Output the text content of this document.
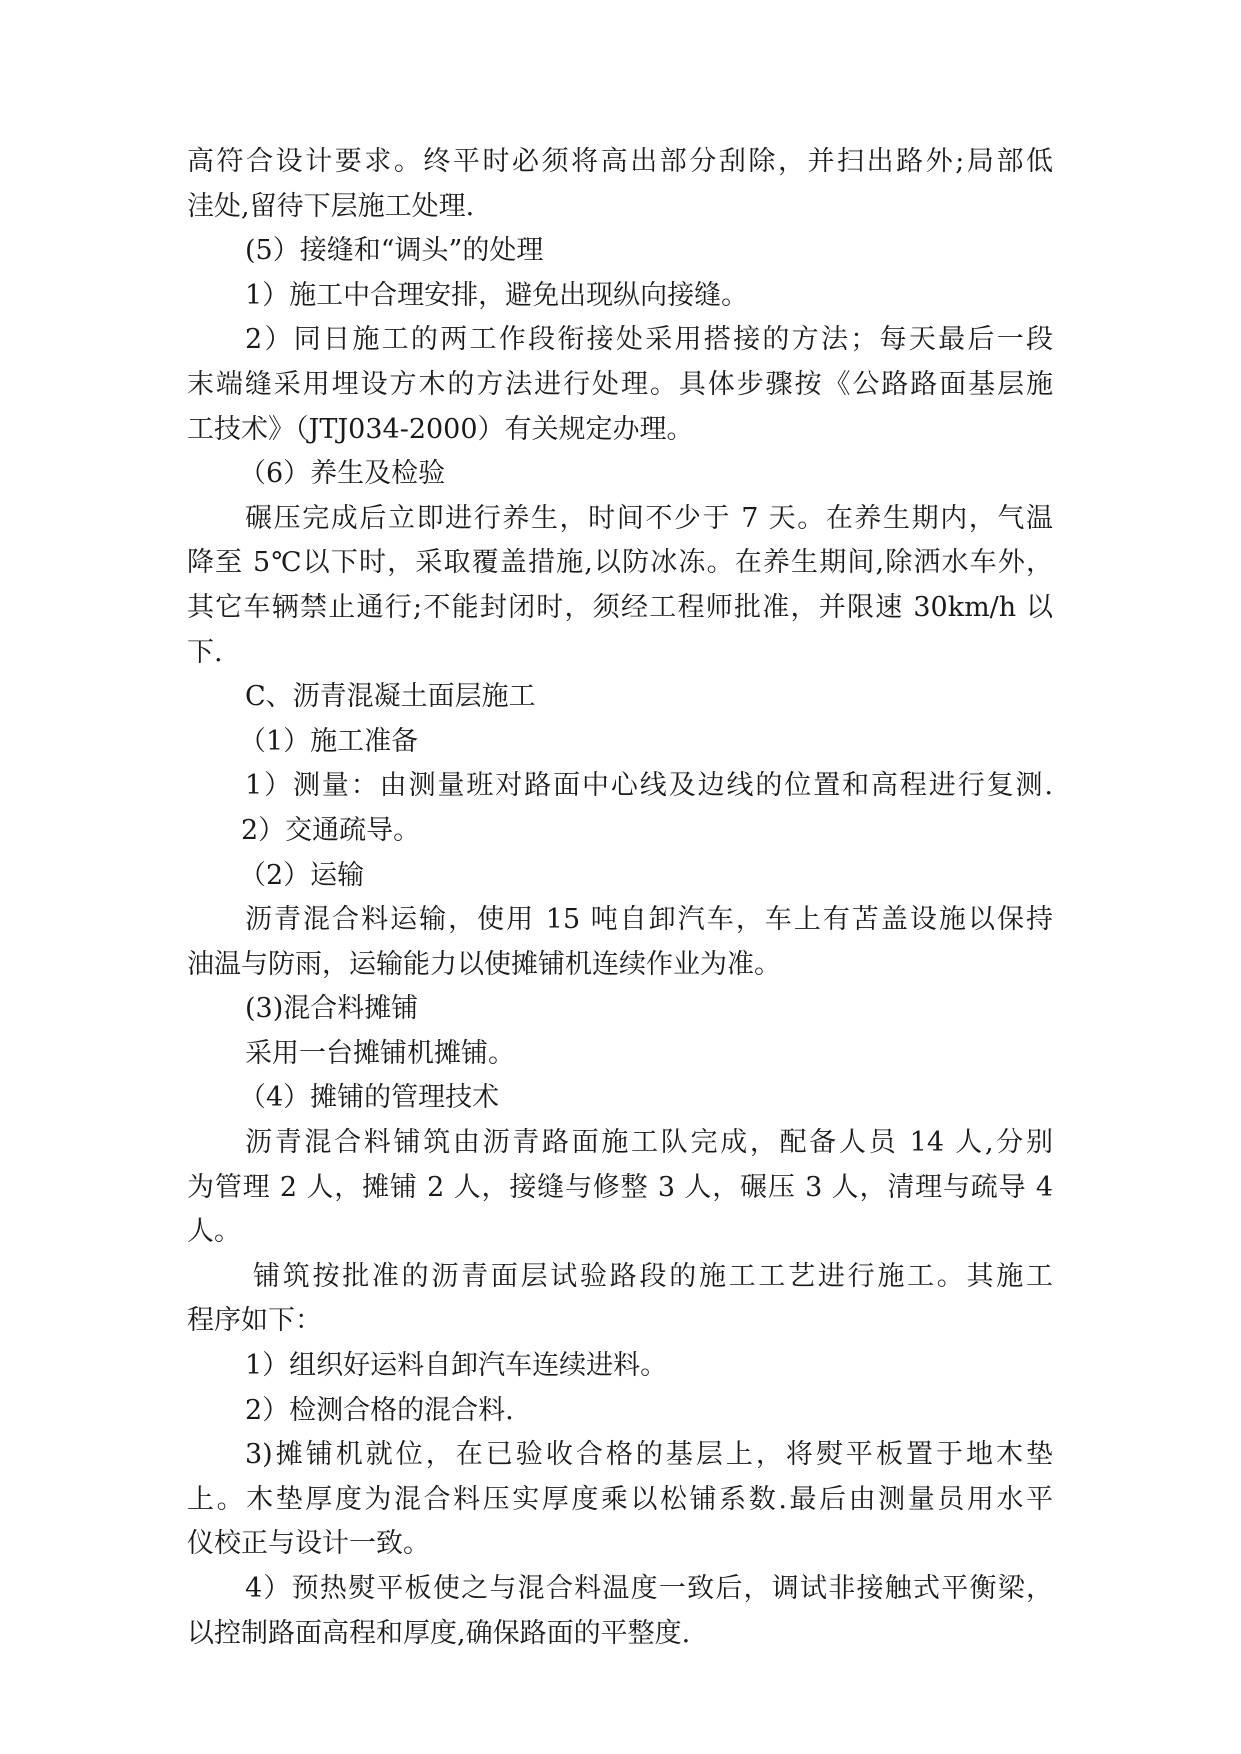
高符合设计要求。终平时必须将高出部分刮除，并扫出路外;局部低
洼处,留待下层施工处理.
(5）接缝和“调头”的处理
1）施工中合理安排，避免出现纵向接缝。
2）同日施工的两工作段衔接处采用搭接的方法；每天最后一段
末端缝采用埋设方木的方法进行处理。具体步骤按《公路路面基层施
工技术》（JTJ034-2000）有关规定办理。
（6）养生及检验
碾压完成后立即进行养生，时间不少于 7 天。在养生期内，气温
降至 5℃以下时，采取覆盖措施,以防冰冻。在养生期间,除洒水车外，
其它车辆禁止通行;不能封闭时，须经工程师批准，并限速 30km/h 以
下.
C、沥青混凝土面层施工
（1）施工准备
1）测量：由测量班对路面中心线及边线的位置和高程进行复测.
2）交通疏导。
（2）运输
沥青混合料运输，使用 15 吨自卸汽车，车上有苫盖设施以保持
油温与防雨，运输能力以使摊铺机连续作业为准。
(3)混合料摊铺
采用一台摊铺机摊铺。
（4）摊铺的管理技术
沥青混合料铺筑由沥青路面施工队完成，配备人员 14 人,分别
为管理 2 人，摊铺 2 人，接缝与修整 3 人，碾压 3 人，清理与疏导 4
人。
铺筑按批准的沥青面层试验路段的施工工艺进行施工。其施工
程序如下：
1）组织好运料自卸汽车连续进料。
2）检测合格的混合料.
3)摊铺机就位，在已验收合格的基层上，将熨平板置于地木垫
上。木垫厚度为混合料压实厚度乘以松铺系数.最后由测量员用水平
仪校正与设计一致。
4）预热熨平板使之与混合料温度一致后，调试非接触式平衡梁，
以控制路面高程和厚度,确保路面的平整度.
